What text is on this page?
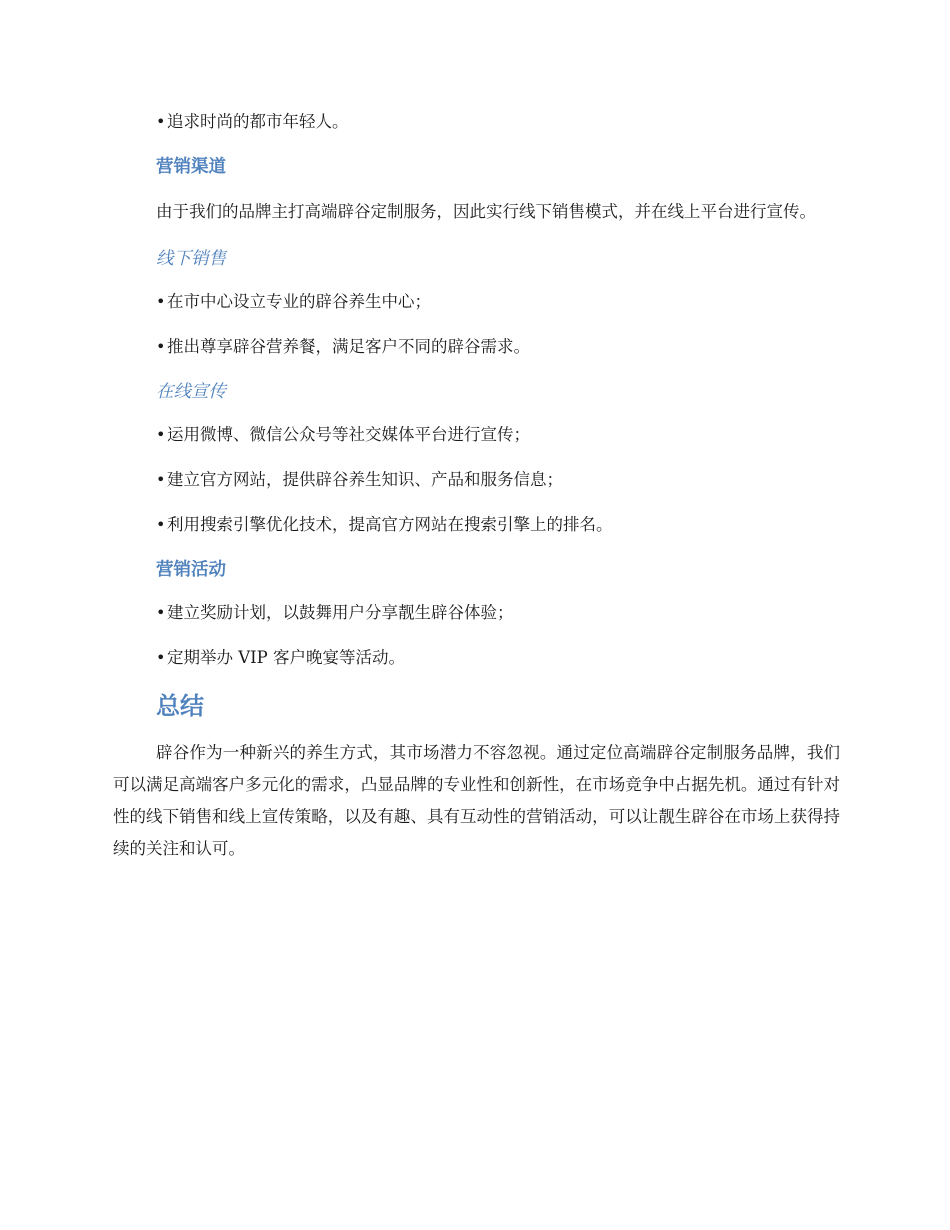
• 追求时尚的都市年轻人。
营销渠道

由于我们的品牌主打高端辟谷定制服务，因此实行线下销售模式，并在线上平台进行宣传。

线下销售
• 在市中心设立专业的辟谷养生中心；
• 推出尊享辟谷营养餐，满足客户不同的辟谷需求。
在线宣传
• 运用微博、微信公众号等社交媒体平台进行宣传；
• 建立官方网站，提供辟谷养生知识、产品和服务信息；
• 利用搜索引擎优化技术，提高官方网站在搜索引擎上的排名。
营销活动
• 建立奖励计划，以鼓舞用户分享靓生辟谷体验；
• 定期举办 VIP 客户晚宴等活动。
总结

辟谷作为一种新兴的养生方式，其市场潜力不容忽视。通过定位高端辟谷定制服务品牌，我们可以满足高端客户多元化的需求，凸显品牌的专业性和创新性，在市场竞争中占据先机。通过有针对性的线下销售和线上宣传策略，以及有趣、具有互动性的营销活动，可以让靓生辟谷在市场上获得持续的关注和认可。
